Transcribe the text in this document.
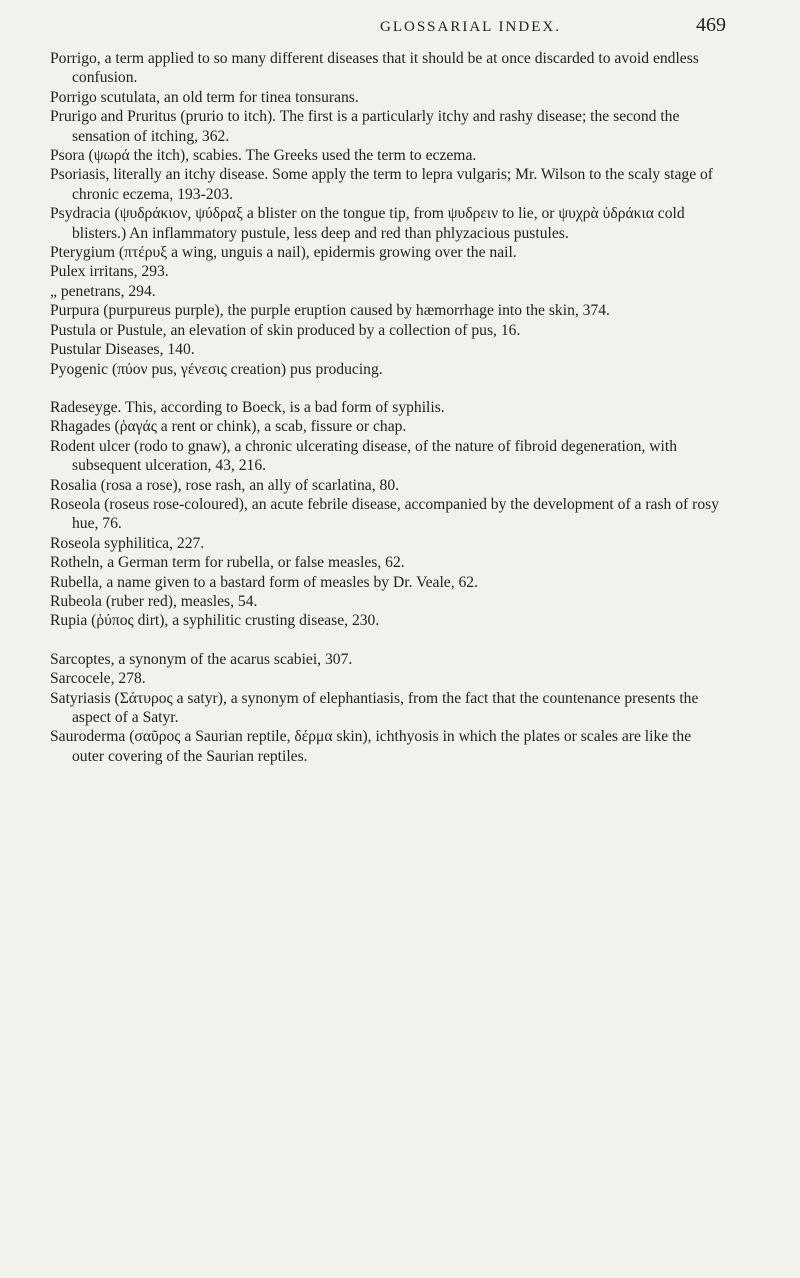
GLOSSARIAL INDEX.	469

Porrigo, a term applied to so many different diseases that it should be at once discarded to avoid endless confusion.

Porrigo scutulata, an old term for tinea tonsurans.

Prurigo and Pruritus (prurio to itch). The first is a particularly itchy and rashy disease; the second the sensation of itching, 362.

Psora (ψωρά the itch), scabies. The Greeks used the term to eczema.

Psoriasis, literally an itchy disease. Some apply the term to lepra vulgaris; Mr. Wilson to the scaly stage of chronic eczema, 193-203.

Psydracia (ψυδράκιον, ψύδραξ a blister on the tongue tip, from ψυδρειν to lie, or ψυχρὰ ὑδράκια cold blisters.) An inflammatory pustule, less deep and red than phlyzacious pustules.

Pterygium (πτέρυξ a wing, unguis a nail), epidermis growing over the nail.

Pulex irritans, 293.

„ penetrans, 294.

Purpura (purpureus purple), the purple eruption caused by hæmorrhage into the skin, 374.

Pustula or Pustule, an elevation of skin produced by a collection of pus, 16.

Pustular Diseases, 140.

Pyogenic (πύον pus, γένεσις creation) pus producing.

Radeseyge. This, according to Boeck, is a bad form of syphilis.

Rhagades (ῥαγάς a rent or chink), a scab, fissure or chap.

Rodent ulcer (rodo to gnaw), a chronic ulcerating disease, of the nature of fibroid degeneration, with subsequent ulceration, 43, 216.

Rosalia (rosa a rose), rose rash, an ally of scarlatina, 80.

Roseola (roseus rose-coloured), an acute febrile disease, accompanied by the development of a rash of rosy hue, 76.

Roseola syphilitica, 227.

Rotheln, a German term for rubella, or false measles, 62.

Rubella, a name given to a bastard form of measles by Dr. Veale, 62.

Rubeola (ruber red), measles, 54.

Rupia (ῥύπος dirt), a syphilitic crusting disease, 230.

Sarcoptes, a synonym of the acarus scabiei, 307.

Sarcocele, 278.

Satyriasis (Σάτυρος a satyr), a synonym of elephantiasis, from the fact that the countenance presents the aspect of a Satyr.

Sauroderma (σαῦρος a Saurian reptile, δέρμα skin), ichthyosis in which the plates or scales are like the outer covering of the Saurian reptiles.
